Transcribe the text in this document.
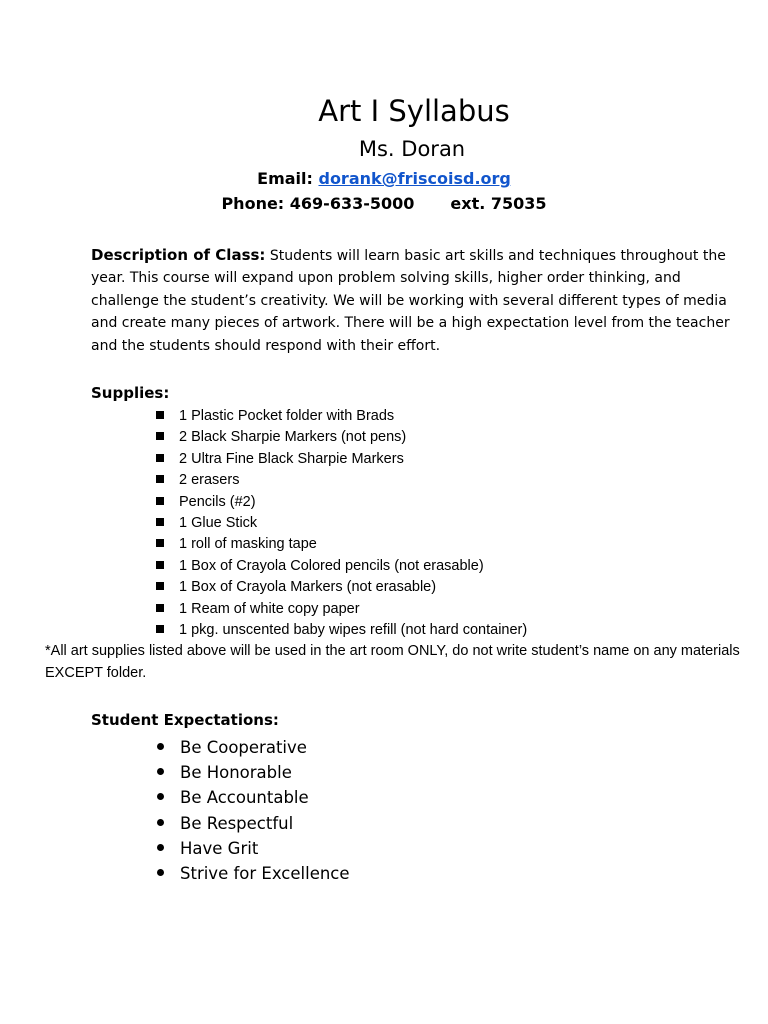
Art I Syllabus
Ms. Doran
Email: dorank@friscoisd.org
Phone: 469-633-5000 ext. 75035
Description of Class: Students will learn basic art skills and techniques throughout the year. This course will expand upon problem solving skills, higher order thinking, and challenge the student’s creativity. We will be working with several different types of media and create many pieces of artwork. There will be a high expectation level from the teacher and the students should respond with their effort.
Supplies:
1 Plastic Pocket folder with Brads
2 Black Sharpie Markers (not pens)
2 Ultra Fine Black Sharpie Markers
2 erasers
Pencils (#2)
1 Glue Stick
1 roll of masking tape
1 Box of Crayola Colored pencils (not erasable)
1 Box of Crayola Markers (not erasable)
1 Ream of white copy paper
1 pkg. unscented baby wipes refill (not hard container)
*All art supplies listed above will be used in the art room ONLY, do not write student’s name on any materials EXCEPT folder.
Student Expectations:
Be Cooperative
Be Honorable
Be Accountable
Be Respectful
Have Grit
Strive for Excellence
